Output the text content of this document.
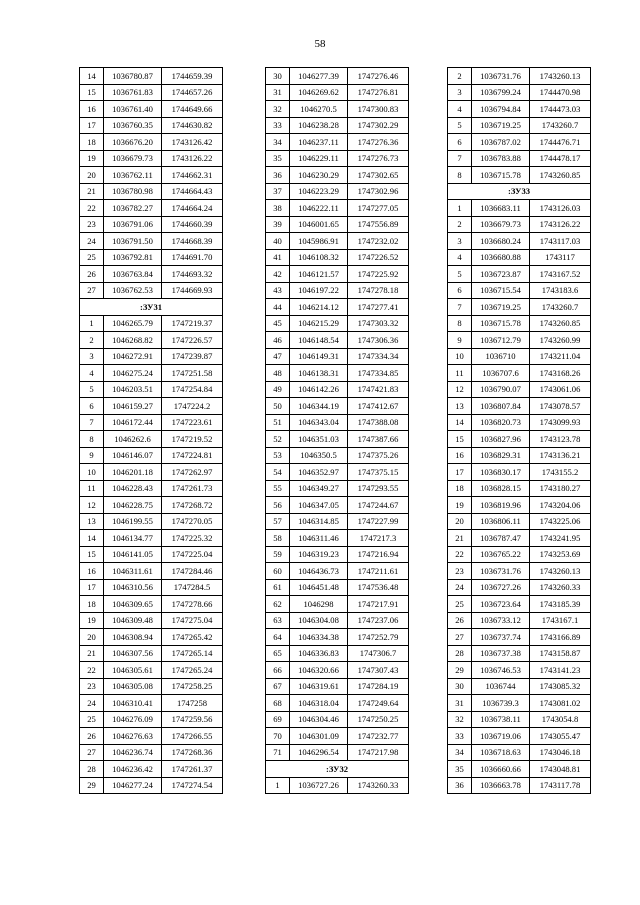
58
14	1036780.87	1744659.39
15	1036761.83	1744657.26
16	1036761.40	1744649.66
17	1036760.35	1744630.82
18	1036676.20	1743126.42
19	1036679.73	1743126.22
20	1036762.11	1744662.31
21	1036780.98	1744664.43
22	1036782.27	1744664.24
23	1036791.06	1744660.39
24	1036791.50	1744668.39
25	1036792.81	1744691.70
26	1036763.84	1744693.32
27	1036762.53	1744669.93
:ЗУ31		
1	1046265.79	1747219.37
2	1046268.82	1747226.57
3	1046272.91	1747239.87
4	1046275.24	1747251.58
5	1046203.51	1747254.84
6	1046159.27	1747224.2
7	1046172.44	1747223.61
8	1046262.6	1747219.52
9	1046146.07	1747224.81
10	1046201.18	1747262.97
11	1046228.43	1747261.73
12	1046228.75	1747268.72
13	1046199.55	1747270.05
14	1046134.77	1747225.32
15	1046141.05	1747225.04
16	1046311.61	1747284.46
17	1046310.56	1747284.5
18	1046309.65	1747278.66
19	1046309.48	1747275.04
20	1046308.94	1747265.42
21	1046307.56	1747265.14
22	1046305.61	1747265.24
23	1046305.08	1747258.25
24	1046310.41	1747258
25	1046276.09	1747259.56
26	1046276.63	1747266.55
27	1046236.74	1747268.36
28	1046236.42	1747261.37
29	1046277.24	1747274.54
30	1046277.39	1747276.46
31	1046269.62	1747276.81
32	1046270.5	1747300.83
33	1046238.28	1747302.29
34	1046237.11	1747276.36
35	1046229.11	1747276.73
36	1046230.29	1747302.65
37	1046223.29	1747302.96
38	1046222.11	1747277.05
39	1046001.65	1747556.89
40	1045986.91	1747232.02
41	1046108.32	1747226.52
42	1046121.57	1747225.92
43	1046197.22	1747278.18
44	1046214.12	1747277.41
45	1046215.29	1747303.32
46	1046148.54	1747306.36
47	1046149.31	1747334.34
48	1046138.31	1747334.85
49	1046142.26	1747421.83
50	1046344.19	1747412.67
51	1046343.04	1747388.08
52	1046351.03	1747387.66
53	1046350.5	1747375.26
54	1046352.97	1747375.15
55	1046349.27	1747293.55
56	1046347.05	1747244.67
57	1046314.85	1747227.99
58	1046311.46	1747217.3
59	1046319.23	1747216.94
60	1046436.73	1747211.61
61	1046451.48	1747536.48
62	1046298	1747217.91
63	1046304.08	1747237.06
64	1046334.38	1747252.79
65	1046336.83	1747306.7
66	1046320.66	1747307.43
67	1046319.61	1747284.19
68	1046318.04	1747249.64
69	1046304.46	1747250.25
70	1046301.09	1747232.77
71	1046296.54	1747217.98
:ЗУ32		
1	1036727.26	1743260.33
2	1036731.76	1743260.13
3	1036799.24	1744470.98
4	1036794.84	1744473.03
5	1036719.25	1743260.7
6	1036787.02	1744476.71
7	1036783.88	1744478.17
8	1036715.78	1743260.85
:ЗУ33		
1	1036683.11	1743126.03
2	1036679.73	1743126.22
3	1036680.24	1743117.03
4	1036680.88	1743117
5	1036723.87	1743167.52
6	1036715.54	1743183.6
7	1036719.25	1743260.7
8	1036715.78	1743260.85
9	1036712.79	1743260.99
10	1036710	1743211.04
11	1036707.6	1743168.26
12	1036790.07	1743061.06
13	1036807.84	1743078.57
14	1036820.73	1743099.93
15	1036827.96	1743123.78
16	1036829.31	1743136.21
17	1036830.17	1743155.2
18	1036828.15	1743180.27
19	1036819.96	1743204.06
20	1036806.11	1743225.06
21	1036787.47	1743241.95
22	1036765.22	1743253.69
23	1036731.76	1743260.13
24	1036727.26	1743260.33
25	1036723.64	1743185.39
26	1036733.12	1743167.1
27	1036737.74	1743166.89
28	1036737.38	1743158.87
29	1036746.53	1743141.23
30	1036744	1743085.32
31	1036739.3	1743081.02
32	1036738.11	1743054.8
33	1036719.06	1743055.47
34	1036718.63	1743046.18
35	1036660.66	1743048.81
36	1036663.78	1743117.78
